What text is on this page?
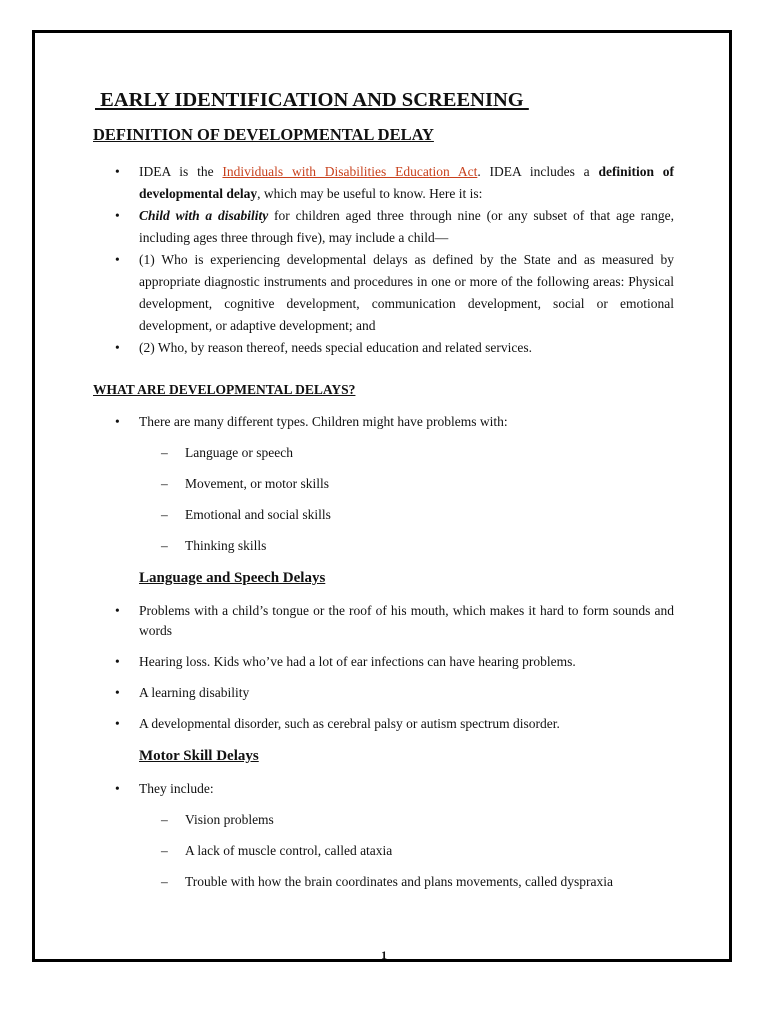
EARLY IDENTIFICATION AND SCREENING
DEFINITION OF DEVELOPMENTAL DELAY
• IDEA is the Individuals with Disabilities Education Act. IDEA includes a definition of developmental delay, which may be useful to know. Here it is:
• Child with a disability for children aged three through nine (or any subset of that age range, including ages three through five), may include a child—
• (1) Who is experiencing developmental delays as defined by the State and as measured by appropriate diagnostic instruments and procedures in one or more of the following areas: Physical development, cognitive development, communication development, social or emotional development, or adaptive development; and
• (2) Who, by reason thereof, needs special education and related services.
WHAT ARE DEVELOPMENTAL DELAYS?
• There are many different types. Children might have problems with:
– Language or speech
– Movement, or motor skills
– Emotional and social skills
– Thinking skills
Language and Speech Delays
• Problems with a child’s tongue or the roof of his mouth, which makes it hard to form sounds and words
• Hearing loss. Kids who’ve had a lot of ear infections can have hearing problems.
• A learning disability
• A developmental disorder, such as cerebral palsy or autism spectrum disorder.
Motor Skill Delays
• They include:
– Vision problems
– A lack of muscle control, called ataxia
– Trouble with how the brain coordinates and plans movements, called dyspraxia
1
